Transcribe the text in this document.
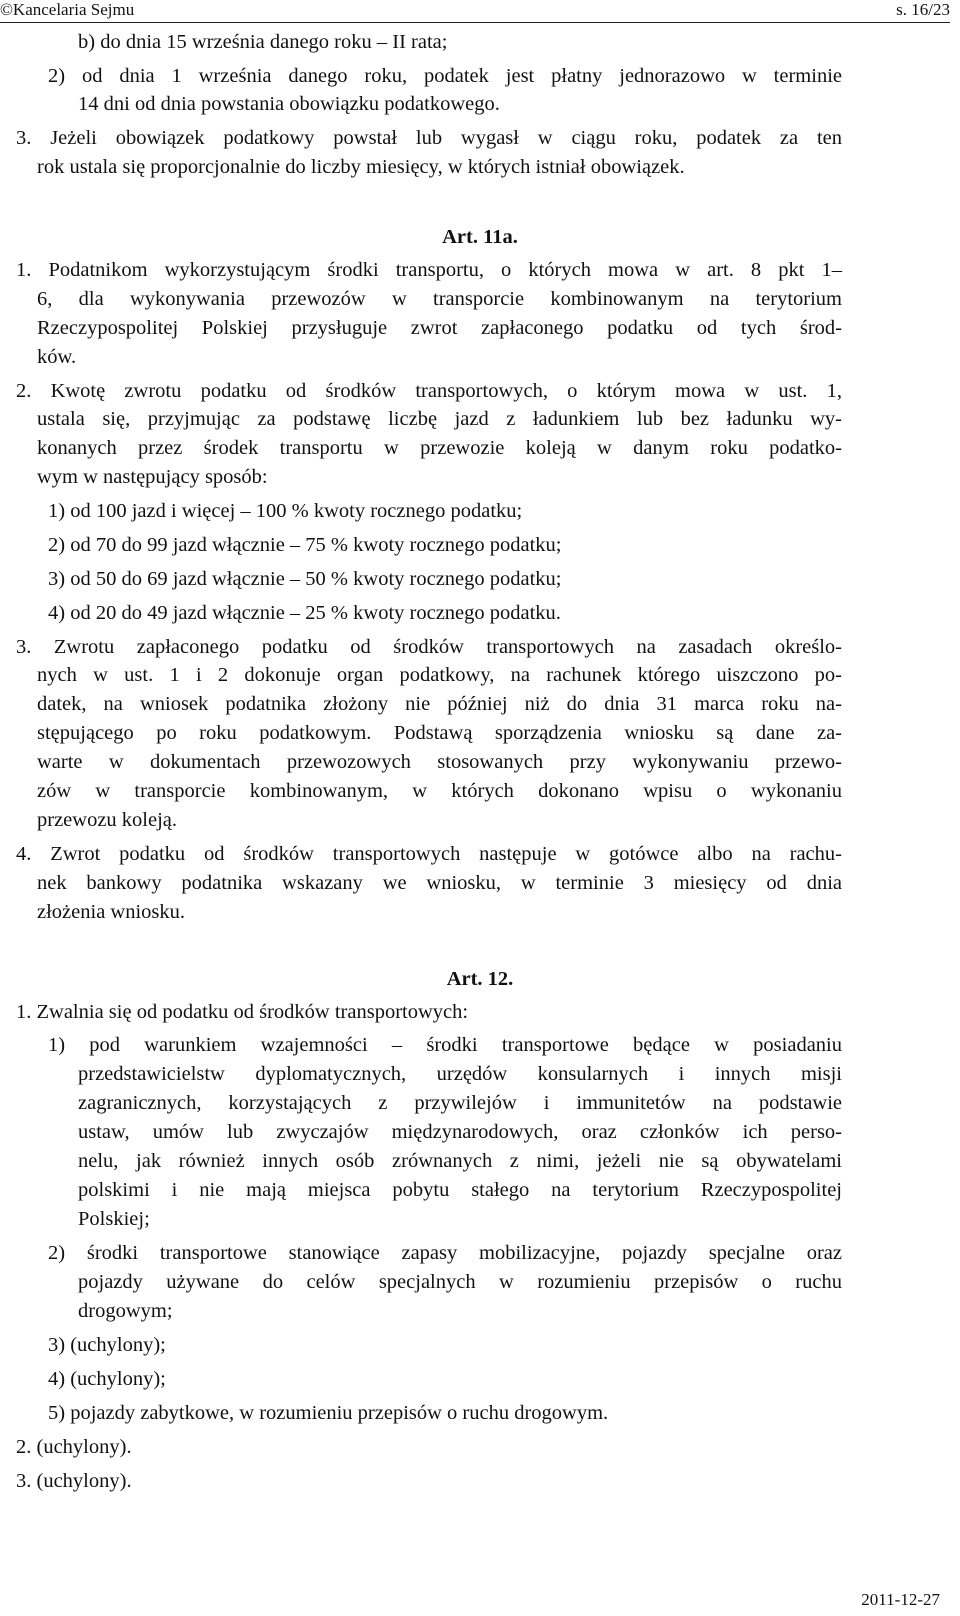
©Kancelaria Sejmu	s. 16/23
b) do dnia 15 września danego roku – II rata;
2) od dnia 1 września danego roku, podatek jest płatny jednorazowo w terminie
14 dni od dnia powstania obowiązku podatkowego.
3. Jeżeli obowiązek podatkowy powstał lub wygasł w ciągu roku, podatek za ten
rok ustala się proporcjonalnie do liczby miesięcy, w których istniał obowiązek.
Art. 11a.
1. Podatnikom wykorzystującym środki transportu, o których mowa w art. 8 pkt 1–
6, dla wykonywania przewozów w transporcie kombinowanym na terytorium
Rzeczypospolitej Polskiej przysługuje zwrot zapłaconego podatku od tych środ-
ków.
2. Kwotę zwrotu podatku od środków transportowych, o którym mowa w ust. 1,
ustala się, przyjmując za podstawę liczbę jazd z ładunkiem lub bez ładunku wy-
konanych przez środek transportu w przewozie koleją w danym roku podatko-
wym w następujący sposób:
1) od 100 jazd i więcej – 100 % kwoty rocznego podatku;
2) od 70 do 99 jazd włącznie – 75 % kwoty rocznego podatku;
3) od 50 do 69 jazd włącznie – 50 % kwoty rocznego podatku;
4) od 20 do 49 jazd włącznie – 25 % kwoty rocznego podatku.
3. Zwrotu zapłaconego podatku od środków transportowych na zasadach określo-
nych w ust. 1 i 2 dokonuje organ podatkowy, na rachunek którego uiszczono po-
datek, na wniosek podatnika złożony nie później niż do dnia 31 marca roku na-
stępującego po roku podatkowym. Podstawą sporządzenia wniosku są dane za-
warte w dokumentach przewozowych stosowanych przy wykonywaniu przewo-
zów w transporcie kombinowanym, w których dokonano wpisu o wykonaniu
przewozu koleją.
4. Zwrot podatku od środków transportowych następuje w gotówce albo na rachu-
nek bankowy podatnika wskazany we wniosku, w terminie 3 miesięcy od dnia
złożenia wniosku.
Art. 12.
1. Zwalnia się od podatku od środków transportowych:
1) pod warunkiem wzajemności – środki transportowe będące w posiadaniu
przedstawicielstw dyplomatycznych, urzędów konsularnych i innych misji
zagranicznych, korzystających z przywilejów i immunitetów na podstawie
ustaw, umów lub zwyczajów międzynarodowych, oraz członków ich perso-
nelu, jak również innych osób zrównanych z nimi, jeżeli nie są obywatelami
polskimi i nie mają miejsca pobytu stałego na terytorium Rzeczypospolitej
Polskiej;
2) środki transportowe stanowiące zapasy mobilizacyjne, pojazdy specjalne oraz
pojazdy używane do celów specjalnych w rozumieniu przepisów o ruchu
drogowym;
3) (uchylony);
4) (uchylony);
5) pojazdy zabytkowe, w rozumieniu przepisów o ruchu drogowym.
2. (uchylony).
3. (uchylony).
2011-12-27
